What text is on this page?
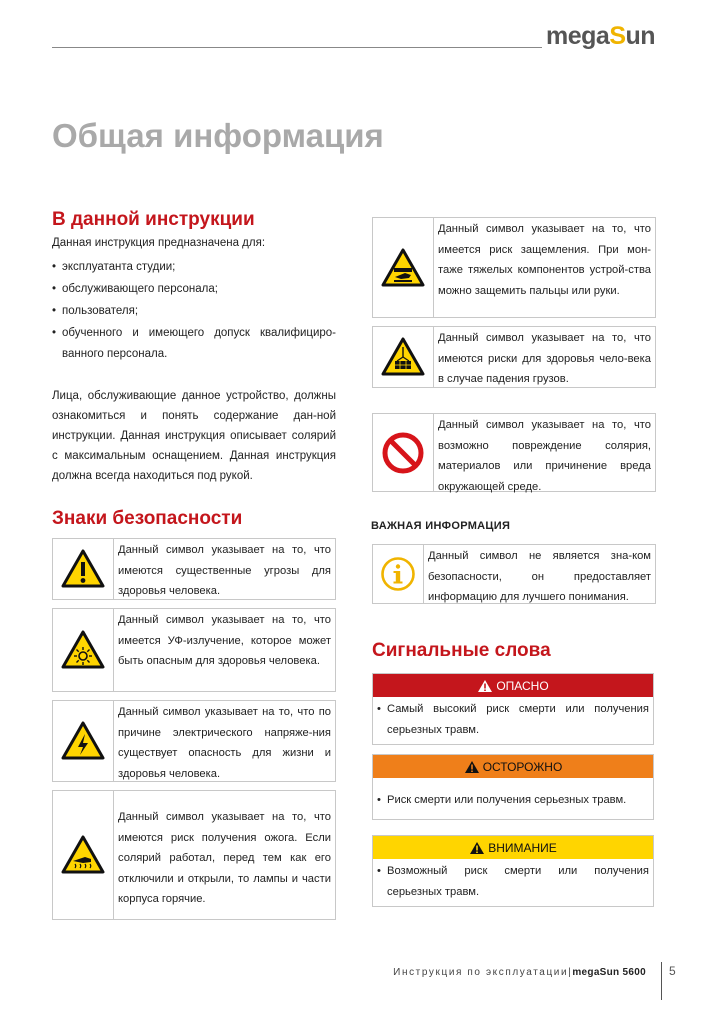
megaSun
Общая информация
В данной инструкции
Данная инструкция предназначена для:
• эксплуатанта студии;
• обслуживающего персонала;
• пользователя;
• обученного и имеющего допуск квалифициро-ванного персонала.
Лица, обслуживающие данное устройство, должны ознакомиться и понять содержание дан-ной инструкции. Данная инструкция описывает солярий с максимальным оснащением. Данная инструкция должна всегда находиться под рукой.
Знаки безопасности
Данный символ указывает на то, что имеются существенные угрозы для здоровья человека.
Данный символ указывает на то, что имеется УФ-излучение, которое может быть опасным для здоровья человека.
Данный символ указывает на то, что по причине электрического напряже-ния существует опасность для жизни и здоровья человека.
Данный символ указывает на то, что имеются риск получения ожога. Если солярий работал, перед тем как его отключили и открыли, то лампы и части корпуса горячие.
Данный символ указывает на то, что имеется риск защемления. При мон-таже тяжелых компонентов устрой-ства можно защемить пальцы или руки.
Данный символ указывает на то, что имеются риски для здоровья чело-века в случае падения грузов.
Данный символ указывает на то, что возможно повреждение солярия, материалов или причинение вреда окружающей среде.
ВАЖНАЯ ИНФОРМАЦИЯ
Данный символ не является зна-ком безопасности, он предоставляет информацию для лучшего понимания.
Сигнальные слова
ОПАСНО
• Самый высокий риск смерти или получения серьезных травм.
ОСТОРОЖНО
• Риск смерти или получения серьезных травм.
ВНИМАНИЕ
• Возможный риск смерти или получения серьезных травм.
Инструкция по эксплуатации|megaSun 5600 5
